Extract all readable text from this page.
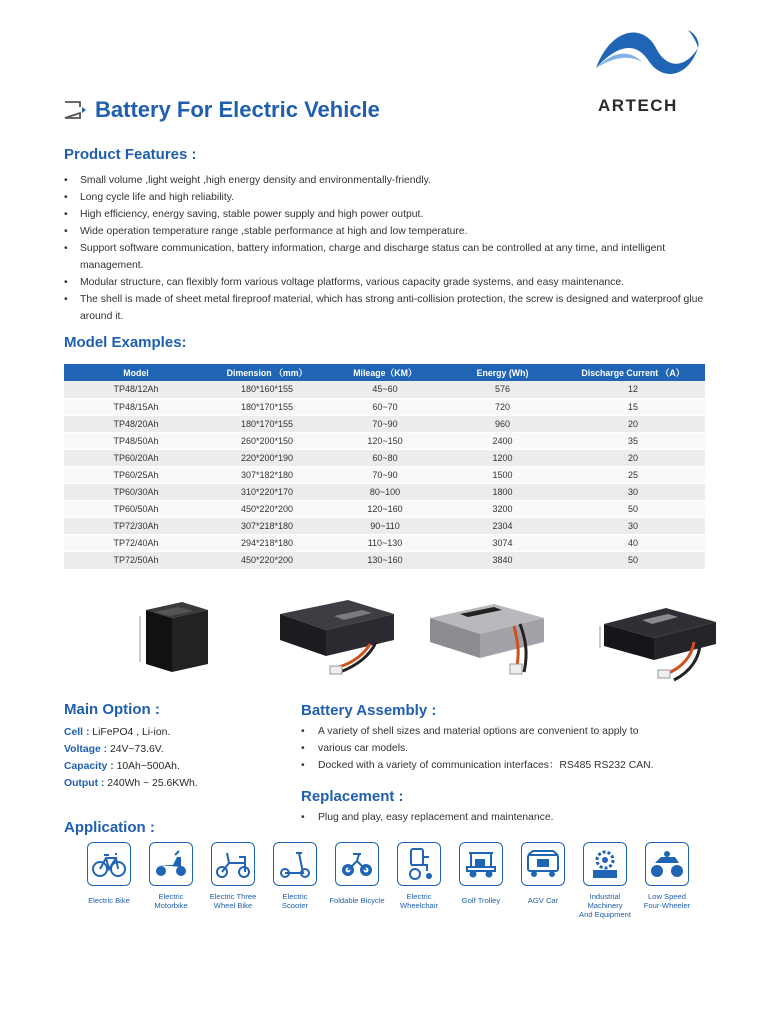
ARTECH
Battery For Electric Vehicle
Product Features :
• Small volume ,light weight ,high energy density and environmentally-friendly.
• Long cycle life and high reliability.
• High efficiency, energy saving, stable power supply and high power output.
• Wide operation temperature range ,stable performance at high and low temperature.
• Support software communication, battery information, charge and discharge status can be controlled at any time, and intelligent management.
• Modular structure, can flexibly form various voltage platforms, various capacity grade systems, and easy maintenance.
• The shell is made of sheet metal fireproof material, which has strong anti-collision protection, the screw is designed and waterproof glue around it.
Model Examples:
Model	Dimension （mm）	Mileage（KM）	Energy (Wh)	Discharge Current （A）
TP48/12Ah	180*160*155	45~60	576	12
TP48/15Ah	180*170*155	60~70	720	15
TP48/20Ah	180*170*155	70~90	960	20
TP48/50Ah	260*200*150	120~150	2400	35
TP60/20Ah	220*200*190	60~80	1200	20
TP60/25Ah	307*182*180	70~90	1500	25
TP60/30Ah	310*220*170	80~100	1800	30
TP60/50Ah	450*220*200	120~160	3200	50
TP72/30Ah	307*218*180	90~110	2304	30
TP72/40Ah	294*218*180	110~130	3074	40
TP72/50Ah	450*220*200	130~160	3840	50
Main Option :
Cell : LiFePO4 , Li-ion.
Voltage : 24V~73.6V.
Capacity : 10Ah~500Ah.
Output : 240Wh ~ 25.6KWh.
Battery Assembly :
• A variety of shell sizes and material options are convenient to apply to
• various car models.
• Docked with a variety of communication interfaces：RS485 RS232 CAN.
Replacement :
• Plug and play, easy replacement and maintenance.
Application :
Electric Bike	Electric
Motorbike
Electric Three
Wheel Bike
Electric
Scooter
Foldable Bicycle	Electric
Wheelchair
Golf Trolley	AGV Car	Industrial Machinery
And Equipment
Low Speed
Four-Wheeler
